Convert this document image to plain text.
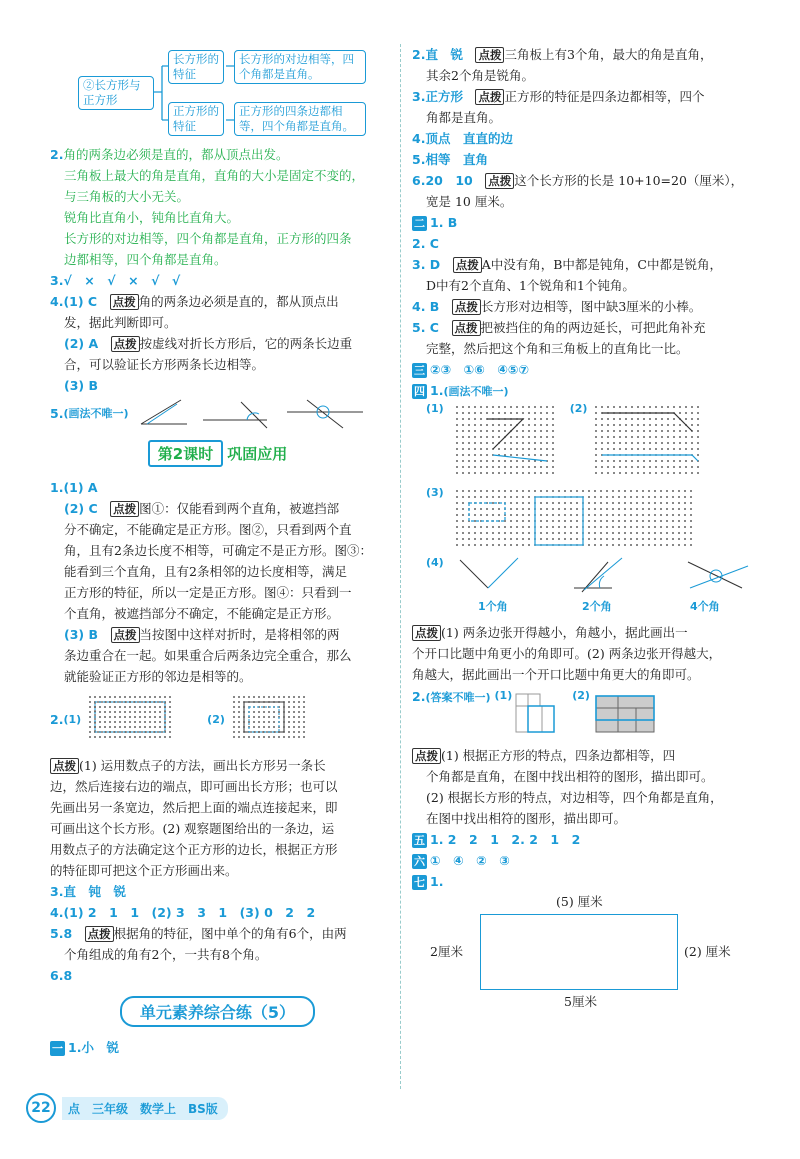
②长方形与正方形
长方形的特征
长方形的对边相等，四个角都是直角。
正方形的特征
正方形的四条边都相等，四个角都是直角。

2.角的两条边必须是直的，都从顶点出发。

三角板上最大的角是直角，直角的大小是固定不变的，

与三角板的大小无关。

锐角比直角小，钝角比直角大。

长方形的对边相等，四个角都是直角，正方形的四条

边都相等，四个角都是直角。

3.√　×　√　×　√　√

4.(1) C　 点拨 角的两条边必须是直的，都从顶点出

发，据此判断即可。

(2) A　 点拨 按虚线对折长方形后，它的两条长边重

合，可以验证长方形两条长边相等。

(3) B

5. (画法不唯一)
第2课时 巩固应用

1.(1) A

(2) C　 点拨 图①：仅能看到两个直角，被遮挡部

分不确定，不能确定是正方形。图②，只看到两个直

角，且有2条边长度不相等，可确定不是正方形。图③：

能看到三个直角，且有2条相邻的边长度相等，满足

正方形的特征，所以一定是正方形。图④：只看到一

个直角，被遮挡部分不确定，不能确定是正方形。

(3) B　 点拨 当按图中这样对折时，是将相邻的两

条边重合在一起。如果重合后两条边完全重合，那么

就能验证正方形的邻边是相等的。

2. (1)	(2)

点拨 (1) 运用数点子的方法，画出长方形另一条长

边，然后连接右边的端点，即可画出长方形；也可以

先画出另一条宽边，然后把上面的端点连接起来，即

可画出这个长方形。(2) 观察题图给出的一条边，运

用数点子的方法确定这个正方形的边长，根据正方形

的特征即可把这个正方形画出来。

3.直　钝　锐

4.(1) 2　1　1　(2) 3　3　1　(3) 0　2　2

5.8　 点拨 根据角的特征，图中单个的角有6个，由两

个角组成的角有2个，一共有8个角。

6.8

单元素养综合练（5）

一 1.小　锐

2.直　锐　 点拨 三角板上有3个角，最大的角是直角，

其余2个角是锐角。

3.正方形　 点拨 正方形的特征是四条边都相等，四个

角都是直角。

4.顶点　直直的边

5.相等　直角

6.20　10　 点拨 这个长方形的长是 10+10=20（厘米），

宽是 10 厘米。

二 1. B

2. C

3. D　 点拨 A中没有角，B中都是钝角，C中都是锐角，

D中有2个直角、1个锐角和1个钝角。

4. B　 点拨 长方形对边相等，图中缺3厘米的小棒。

5. C　 点拨 把被挡住的角的两边延长，可把此角补充

完整，然后把这个角和三角板上的直角比一比。

三 ②③　①⑥　④⑤⑦

四 1.(画法不唯一)

(1)	(2)
(3)
(4)
1个角	2个角	4个角

点拨 (1) 两条边张开得越小，角越小，据此画出一

个开口比题中角更小的角即可。(2) 两条边张开得越大，

角越大，据此画出一个开口比题中角更大的角即可。

2. (答案不唯一) (1)	(2)

点拨 (1) 根据正方形的特点，四条边都相等，四

个角都是直角，在图中找出相符的图形，描出即可。

(2) 根据长方形的特点，对边相等，四个角都是直角，

在图中找出相符的图形，描出即可。

五 1. 2　2　1　 2. 2　1　2

六 ①　④　②　③

七 1.

(5) 厘米
2厘米	(2) 厘米
5厘米
22	点　三年级　数学上　BS版
